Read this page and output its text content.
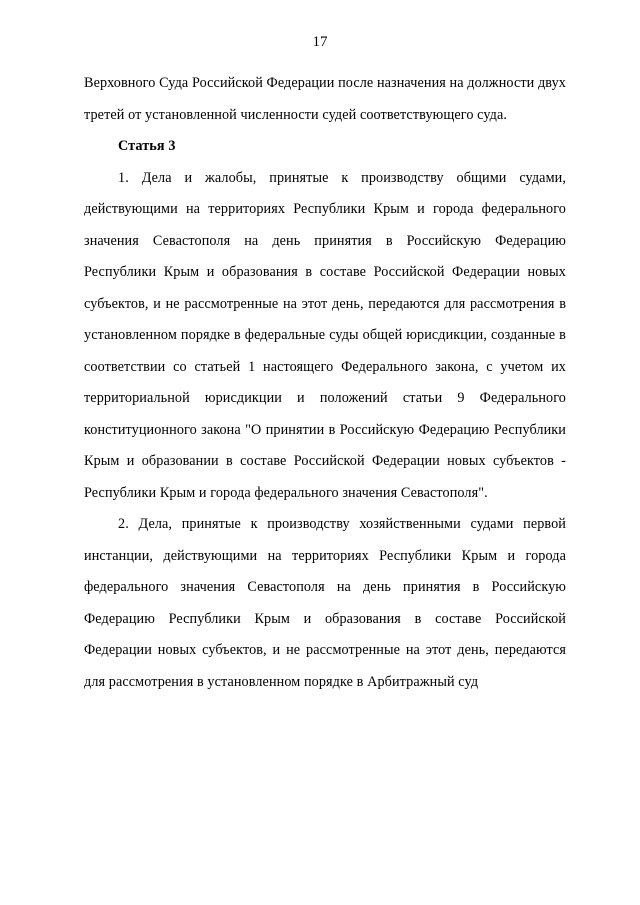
17

Верховного Суда Российской Федерации после назначения на должности двух третей от установленной численности судей соответствующего суда.

Статья 3

1. Дела и жалобы, принятые к производству общими судами, действующими на территориях Республики Крым и города федерального значения Севастополя на день принятия в Российскую Федерацию Республики Крым и образования в составе Российской Федерации новых субъектов, и не рассмотренные на этот день, передаются для рассмотрения в установленном порядке в федеральные суды общей юрисдикции, созданные в соответствии со статьей 1 настоящего Федерального закона, с учетом их территориальной юрисдикции и положений статьи 9 Федерального конституционного закона "О принятии в Российскую Федерацию Республики Крым и образовании в составе Российской Федерации новых субъектов - Республики Крым и города федерального значения Севастополя".

2. Дела, принятые к производству хозяйственными судами первой инстанции, действующими на территориях Республики Крым и города федерального значения Севастополя на день принятия в Российскую Федерацию Республики Крым и образования в составе Российской Федерации новых субъектов, и не рассмотренные на этот день, передаются для рассмотрения в установленном порядке в Арбитражный суд
